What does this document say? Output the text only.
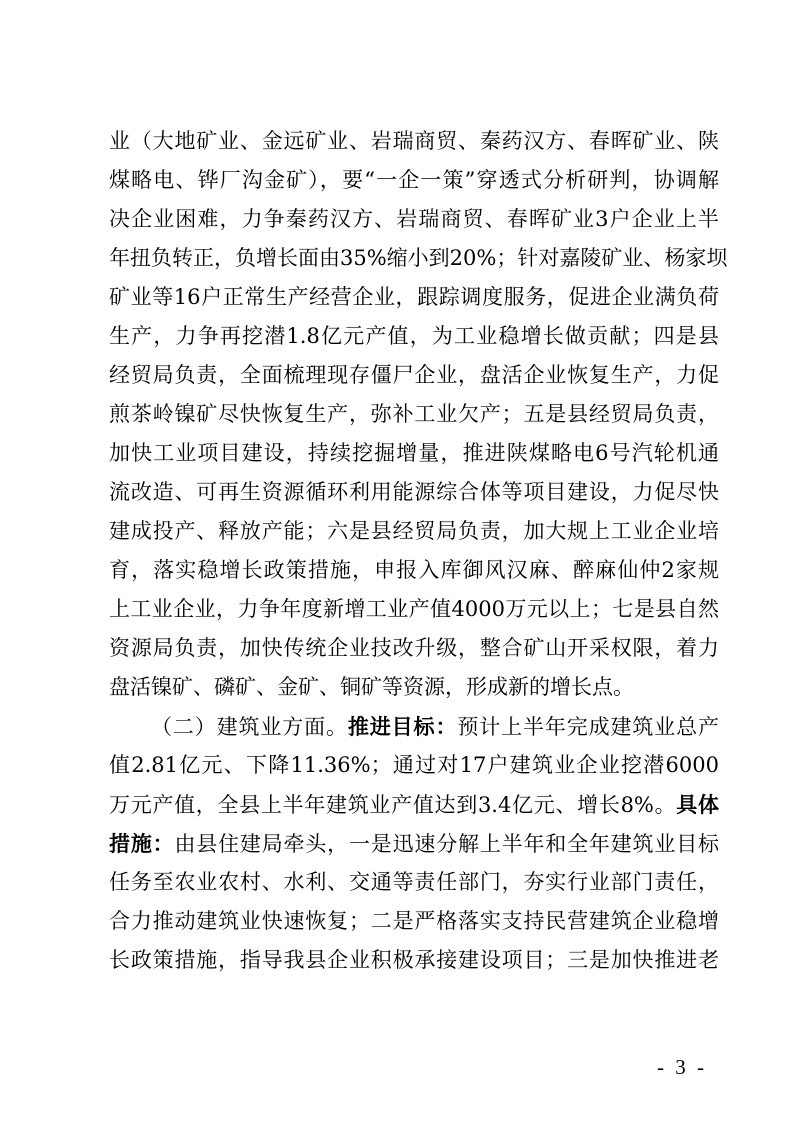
业（大地矿业、金远矿业、岩瑞商贸、秦药汉方、春晖矿业、陕
煤略电、铧厂沟金矿），要“一企一策”穿透式分析研判，协调解
决企业困难，力争秦药汉方、岩瑞商贸、春晖矿业3户企业上半
年扭负转正，负增长面由35%缩小到20%；针对嘉陵矿业、杨家坝
矿业等16户正常生产经营企业，跟踪调度服务，促进企业满负荷
生产，力争再挖潜1.8亿元产值，为工业稳增长做贡献；四是县
经贸局负责，全面梳理现存僵尸企业，盘活企业恢复生产，力促
煎茶岭镍矿尽快恢复生产，弥补工业欠产；五是县经贸局负责，
加快工业项目建设，持续挖掘增量，推进陕煤略电6号汽轮机通
流改造、可再生资源循环利用能源综合体等项目建设，力促尽快
建成投产、释放产能；六是县经贸局负责，加大规上工业企业培
育，落实稳增长政策措施，申报入库御风汉麻、醉麻仙仲2家规
上工业企业，力争年度新增工业产值4000万元以上；七是县自然
资源局负责，加快传统企业技改升级，整合矿山开采权限，着力
盘活镍矿、磷矿、金矿、铜矿等资源，形成新的增长点。
（二）建筑业方面。推进目标：预计上半年完成建筑业总产
值2.81亿元、下降11.36%；通过对17户建筑业企业挖潜6000
万元产值，全县上半年建筑业产值达到3.4亿元、增长8%。具体
措施：由县住建局牵头，一是迅速分解上半年和全年建筑业目标
任务至农业农村、水利、交通等责任部门，夯实行业部门责任，
合力推动建筑业快速恢复；二是严格落实支持民营建筑企业稳增
长政策措施，指导我县企业积极承接建设项目；三是加快推进老
- 3 -
